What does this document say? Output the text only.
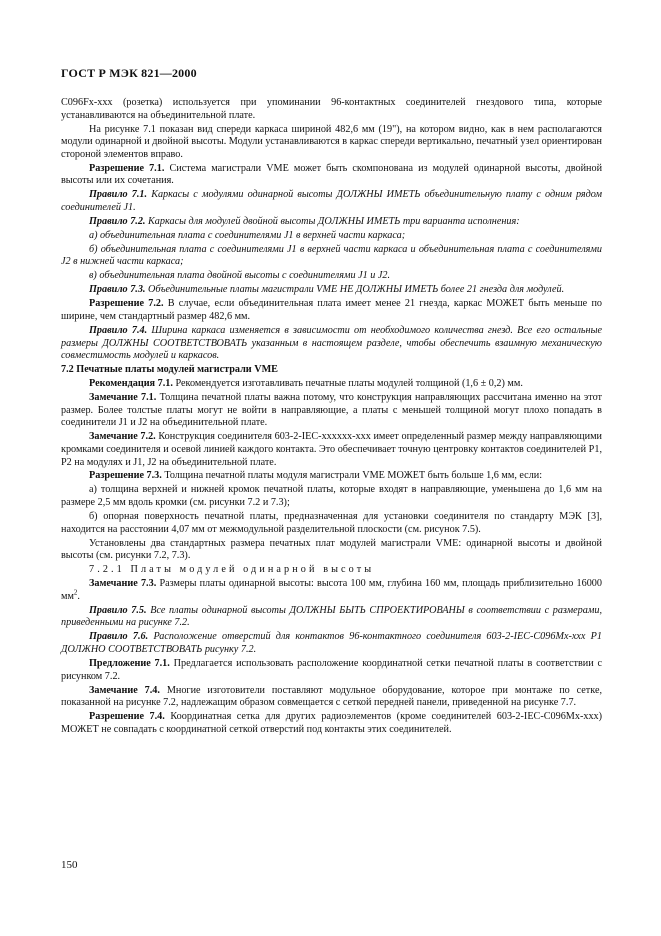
ГОСТ Р МЭК 821—2000

C096Fx-xxx (розетка) используется при упоминании 96-контактных соединителей гнездового типа, которые устанавливаются на объединительной плате.

На рисунке 7.1 показан вид спереди каркаса шириной 482,6 мм (19"), на котором видно, как в нем располагаются модули одинарной и двойной высоты. Модули устанавливаются в каркас спереди вертикально, печатный узел ориентирован стороной элементов вправо.

Разрешение 7.1. Система магистрали VME может быть скомпонована из модулей одинарной высоты, двойной высоты или их сочетания.

Правило 7.1. Каркасы с модулями одинарной высоты ДОЛЖНЫ ИМЕТЬ объединительную плату с одним рядом соединителей J1.

Правило 7.2. Каркасы для модулей двойной высоты ДОЛЖНЫ ИМЕТЬ три варианта исполнения:

а) объединительная плата с соединителями J1 в верхней части каркаса;

б) объединительная плата с соединителями J1 в верхней части каркаса и объединительная плата с соединителями J2 в нижней части каркаса;

в) объединительная плата двойной высоты с соединителями J1 и J2.

Правило 7.3. Объединительные платы магистрали VME НЕ ДОЛЖНЫ ИМЕТЬ более 21 гнезда для модулей.

Разрешение 7.2. В случае, если объединительная плата имеет менее 21 гнезда, каркас МОЖЕТ быть меньше по ширине, чем стандартный размер 482,6 мм.

Правило 7.4. Ширина каркаса изменяется в зависимости от необходимого количества гнезд. Все его остальные размеры ДОЛЖНЫ СООТВЕТСТВОВАТЬ указанным в настоящем разделе, чтобы обеспечить взаимную механическую совместимость модулей и каркасов.

7.2 Печатные платы модулей магистрали VME

Рекомендация 7.1. Рекомендуется изготавливать печатные платы модулей толщиной (1,6 ± 0,2) мм.

Замечание 7.1. Толщина печатной платы важна потому, что конструкция направляющих рассчитана именно на этот размер. Более толстые платы могут не войти в направляющие, а платы с меньшей толщиной могут плохо попадать в соединители J1 и J2 на объединительной плате.

Замечание 7.2. Конструкция соединителя 603-2-IEC-xxxxxx-xxx имеет определенный размер между направляющими кромками соединителя и осевой линией каждого контакта. Это обеспечивает точную центровку контактов соединителей Р1, Р2 на модулях и J1, J2 на объединительной плате.

Разрешение 7.3. Толщина печатной платы модуля магистрали VME МОЖЕТ быть больше 1,6 мм, если:

а) толщина верхней и нижней кромок печатной платы, которые входят в направляющие, уменьшена до 1,6 мм на размере 2,5 мм вдоль кромки (см. рисунки 7.2 и 7.3);

б) опорная поверхность печатной платы, предназначенная для установки соединителя по стандарту МЭК [3], находится на расстоянии 4,07 мм от межмодульной разделительной плоскости (см. рисунок 7.5).

Установлены два стандартных размера печатных плат модулей магистрали VME: одинарной высоты и двойной высоты (см. рисунки 7.2, 7.3).

7.2.1 Платы модулей одинарной высоты

Замечание 7.3. Размеры платы одинарной высоты: высота 100 мм, глубина 160 мм, площадь приблизительно 16000 $мм^2$.

Правило 7.5. Все платы одинарной высоты ДОЛЖНЫ БЫТЬ СПРОЕКТИРОВАНЫ в соответствии с размерами, приведенными на рисунке 7.2.

Правило 7.6. Расположение отверстий для контактов 96-контактного соединителя 603-2-IEC-C096Mx-xxx Р1 ДОЛЖНО СООТВЕТСТВОВАТЬ рисунку 7.2.

Предложение 7.1. Предлагается использовать расположение координатной сетки печатной платы в соответствии с рисунком 7.2.

Замечание 7.4. Многие изготовители поставляют модульное оборудование, которое при монтаже по сетке, показанной на рисунке 7.2, надлежащим образом совмещается с сеткой передней панели, приведенной на рисунке 7.7.

Разрешение 7.4. Координатная сетка для других радиоэлементов (кроме соединителей 603-2-IEC-C096Mx-xxx) МОЖЕТ не совпадать с координатной сеткой отверстий под контакты этих соединителей.

150
